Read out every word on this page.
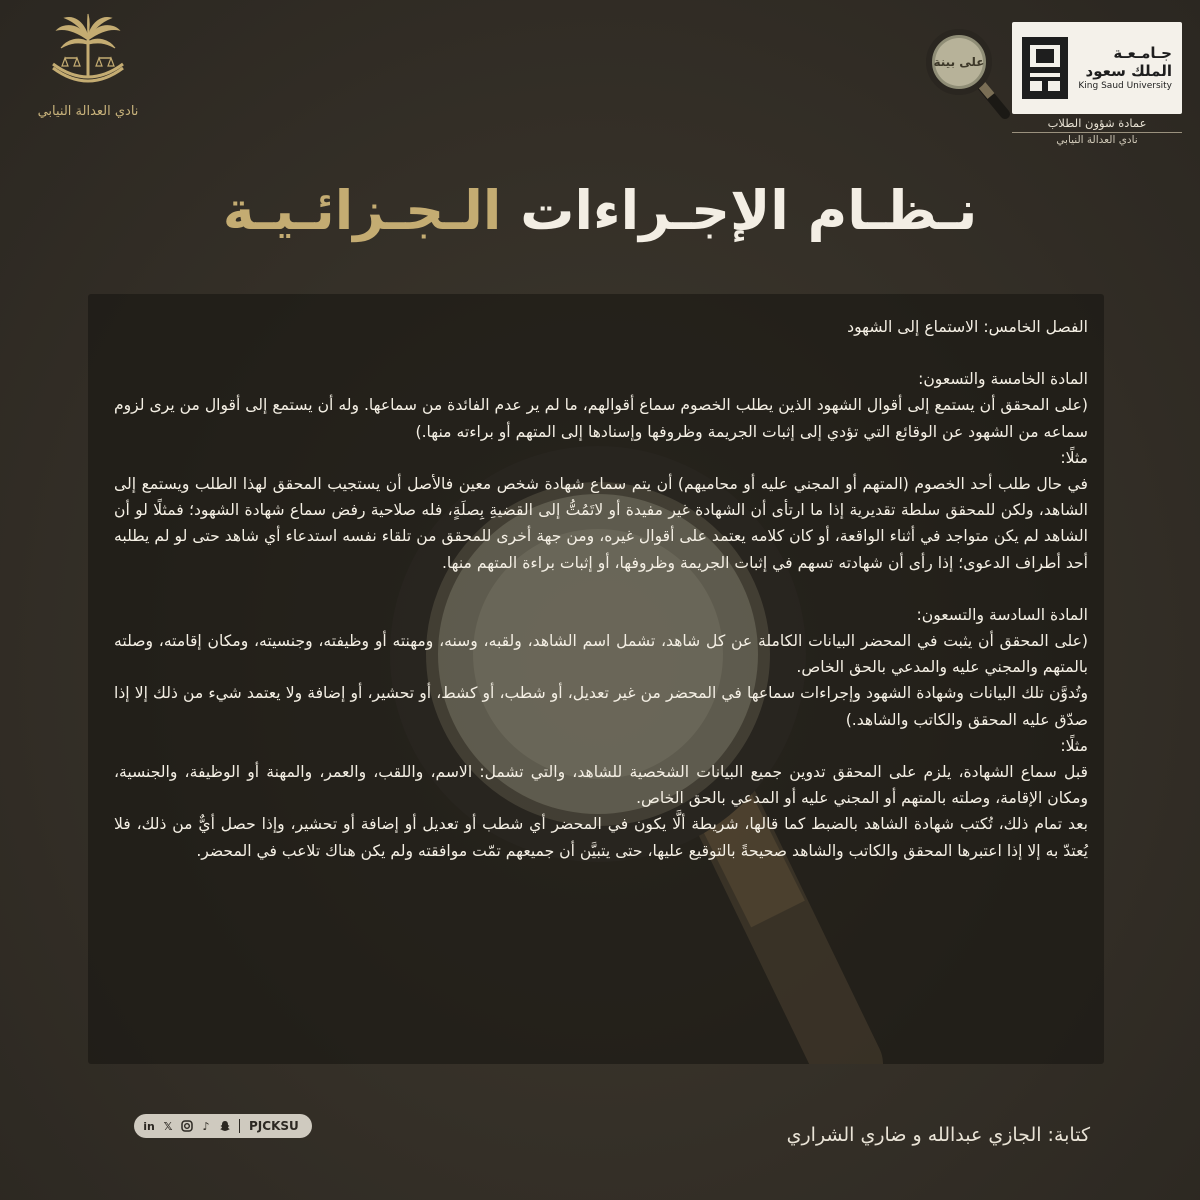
نادي العدالة النيابي
على بينة	جـامـعـة
الملك سعود
King Saud University
عمادة شؤون الطلاب
نادي العدالة النيابي
نـظـام الإجـراءات الـجـزائـيـة

الفصل الخامس: الاستماع إلى الشهود

المادة الخامسة والتسعون:

(على المحقق أن يستمع إلى أقوال الشهود الذين يطلب الخصوم سماع أقوالهم، ما لم ير عدم الفائدة من سماعها. وله أن يستمع إلى أقوال من يرى لزوم سماعه من الشهود عن الوقائع التي تؤدي إلى إثبات الجريمة وظروفها وإسنادها إلى المتهم أو براءته منها.)

مثلًا:

في حال طلب أحد الخصوم (المتهم أو المجني عليه أو محاميهم) أن يتم سماع شهادة شخص معين فالأصل أن يستجيب المحقق لهذا الطلب ويستمع إلى الشاهد، ولكن للمحقق سلطة تقديرية إذا ما ارتأى أن الشهادة غير مفيدة أو لاتَمُتُّ إلى القضيةِ بِصلَةٍ، فله صلاحية رفض سماع شهادة الشهود؛ فمثلًا لو أن الشاهد لم يكن متواجد في أثناء الواقعة، أو كان كلامه يعتمد على أقوال غيره، ومن جهة أخرى للمحقق من تلقاء نفسه استدعاء أي شاهد حتى لو لم يطلبه أحد أطراف الدعوى؛ إذا رأى أن شهادته تسهم في إثبات الجريمة وظروفها، أو إثبات براءة المتهم منها.

المادة السادسة والتسعون:

(على المحقق أن يثبت في المحضر البيانات الكاملة عن كل شاهد، تشمل اسم الشاهد، ولقبه، وسنه، ومهنته أو وظيفته، وجنسيته، ومكان إقامته، وصلته بالمتهم والمجني عليه والمدعي بالحق الخاص.

وتُدوَّن تلك البيانات وشهادة الشهود وإجراءات سماعها في المحضر من غير تعديل، أو شطب، أو كشط، أو تحشير، أو إضافة ولا يعتمد شيء من ذلك إلا إذا صدّق عليه المحقق والكاتب والشاهد.)

مثلًا:

قبل سماع الشهادة، يلزم على المحقق تدوين جميع البيانات الشخصية للشاهد، والتي تشمل: الاسم، واللقب، والعمر، والمهنة أو الوظيفة، والجنسية، ومكان الإقامة، وصلته بالمتهم أو المجني عليه أو المدعي بالحق الخاص.

بعد تمام ذلك، تُكتب شهادة الشاهد بالضبط كما قالها، شريطة ألَّا يكون في المحضر أي شطب أو تعديل أو إضافة أو تحشير، وإذا حصل أيٌّ من ذلك، فلا يُعتدّ به إلا إذا اعتبرها المحقق والكاتب والشاهد صحيحةً بالتوقيع عليها، حتى يتبيَّن أن جميعهم تمّت موافقته ولم يكن هناك تلاعب في المحضر.

in 𝕏	♪	PJCKSU	كتابة: الجازي عبدالله و ضاري الشراري
